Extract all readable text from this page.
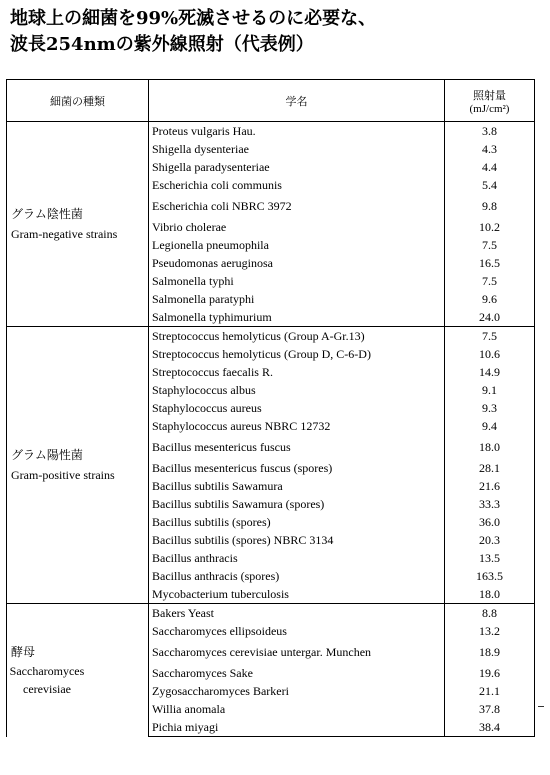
地球上の細菌を99%死滅させるのに必要な、
波長254nmの紫外線照射（代表例）
細菌の種類	学名	照射量
(mJ/cm²)

グラム陰性菌
Gram-negative strains	Proteus vulgaris Hau.	3.8
	Shigella dysenteriae	4.3
	Shigella paradysenteriae	4.4
	Escherichia coli communis	5.4
	Escherichia coli NBRC 3972	9.8
	Vibrio cholerae	10.2
	Legionella pneumophila	7.5
	Pseudomonas aeruginosa	16.5
	Salmonella typhi	7.5
	Salmonella paratyphi	9.6
	Salmonella typhimurium	24.0

グラム陽性菌
Gram-positive strains	Streptococcus hemolyticus (Group A-Gr.13)	7.5
	Streptococcus hemolyticus (Group D, C-6-D)	10.6
	Streptococcus faecalis R.	14.9
	Staphylococcus albus	9.1
	Staphylococcus aureus	9.3
	Staphylococcus aureus NBRC 12732	9.4
	Bacillus mesentericus fuscus	18.0
	Bacillus mesentericus fuscus (spores)	28.1
	Bacillus subtilis Sawamura	21.6
	Bacillus subtilis Sawamura (spores)	33.3
	Bacillus subtilis (spores)	36.0
	Bacillus subtilis (spores) NBRC 3134	20.3
	Bacillus anthracis	13.5
	Bacillus anthracis (spores)	163.5
	Mycobacterium tuberculosis	18.0

酵母
Saccharomyces cerevisiae	Bakers Yeast	8.8
	Saccharomyces ellipsoideus	13.2
	Saccharomyces cerevisiae untergar. Munchen	18.9
	Saccharomyces Sake	19.6
	Zygosaccharomyces Barkeri	21.1
	Willia anomala	37.8
	Pichia miyagi	38.4
